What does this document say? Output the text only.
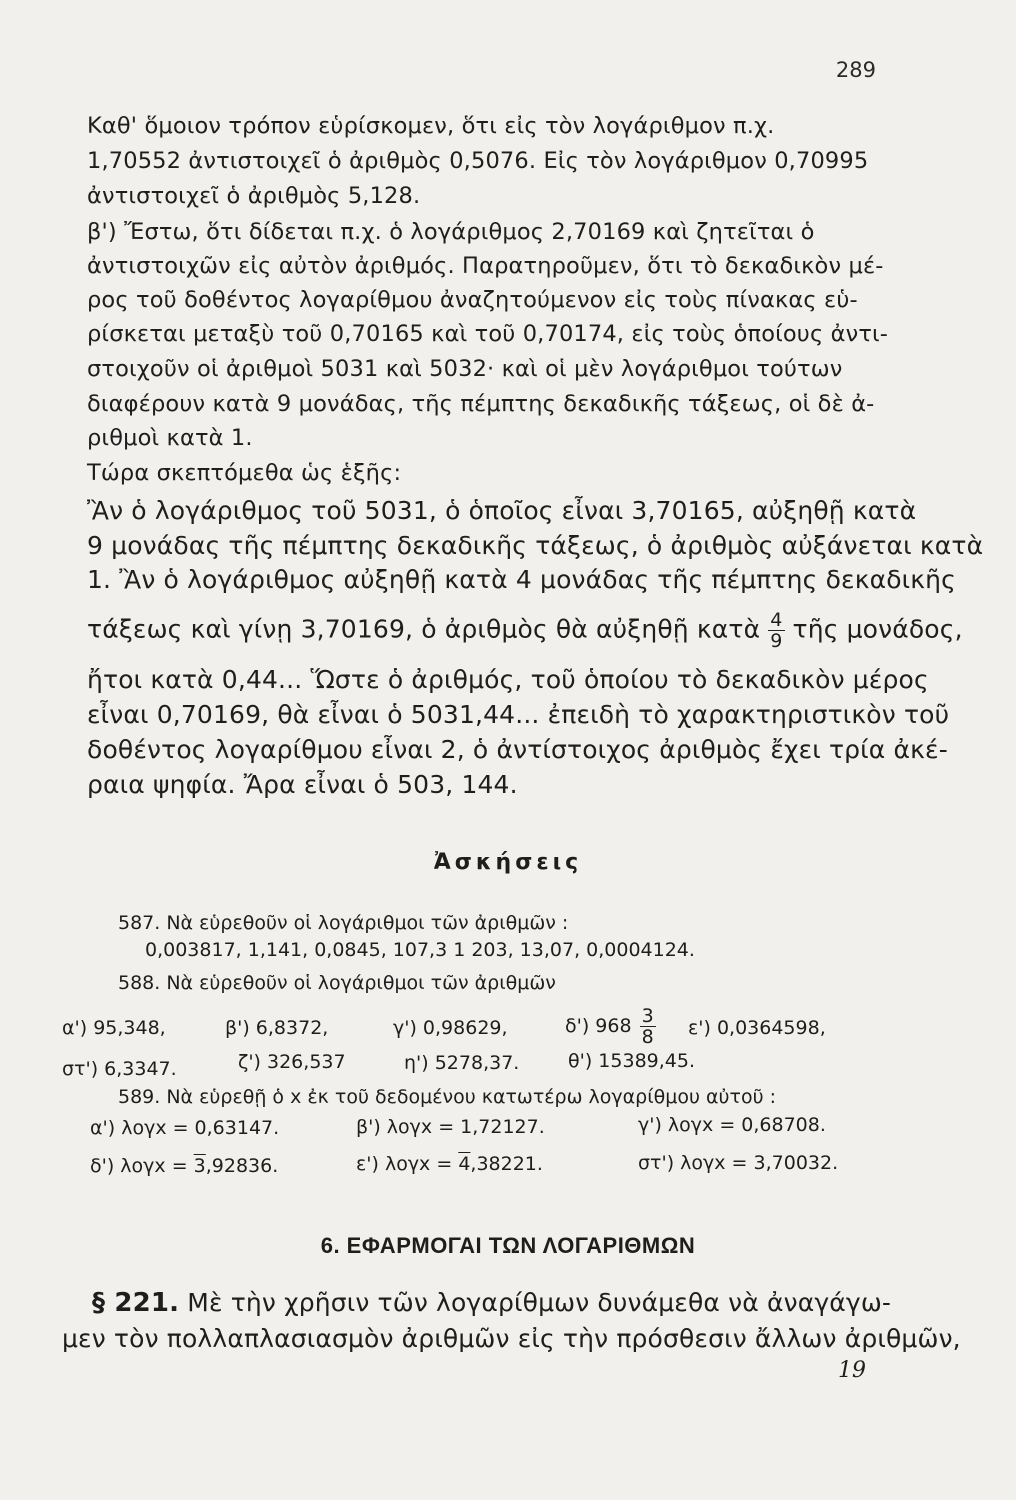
289
Καθ' ὅμοιον τρόπον εὑρίσκομεν, ὅτι εἰς τὸν λογάριθμον π.χ.
1,70552 ἀντιστοιχεῖ ὁ ἀριθμὸς 0,5076. Εἰς τὸν λογάριθμον 0,70995
ἀντιστοιχεῖ ὁ ἀριθμὸς 5,128.
β') Ἔστω, ὅτι δίδεται π.χ. ὁ λογάριθμος 2,70169 καὶ ζητεῖται ὁ
ἀντιστοιχῶν εἰς αὐτὸν ἀριθμός. Παρατηροῦμεν, ὅτι τὸ δεκαδικὸν μέ-
ρος τοῦ δοθέντος λογαρίθμου ἀναζητούμενον εἰς τοὺς πίνακας εὑ-
ρίσκεται μεταξὺ τοῦ 0,70165 καὶ τοῦ 0,70174, εἰς τοὺς ὁποίους ἀντι-
στοιχοῦν οἱ ἀριθμοὶ 5031 καὶ 5032· καὶ οἱ μὲν λογάριθμοι τούτων
διαφέρουν κατὰ 9 μονάδας, τῆς πέμπτης δεκαδικῆς τάξεως, οἱ δὲ ἀ-
ριθμοὶ κατὰ 1.
Τώρα σκεπτόμεθα ὡς ἑξῆς:
Ἂν ὁ λογάριθμος τοῦ 5031, ὁ ὁποῖος εἶναι 3,70165, αὐξηθῇ κατὰ
9 μονάδας τῆς πέμπτης δεκαδικῆς τάξεως, ὁ ἀριθμὸς αὐξάνεται κατὰ
1. Ἂν ὁ λογάριθμος αὐξηθῇ κατὰ 4 μονάδας τῆς πέμπτης δεκαδικῆς
τάξεως καὶ γίνῃ 3,70169, ὁ ἀριθμὸς θὰ αὐξηθῇ κατὰ $\frac{4}{9}$ τῆς μονάδος,
ἤτοι κατὰ 0,44... Ὥστε ὁ ἀριθμός, τοῦ ὁποίου τὸ δεκαδικὸν μέρος
εἶναι 0,70169, θὰ εἶναι ὁ 5031,44... ἐπειδὴ τὸ χαρακτηριστικὸν τοῦ
δοθέντος λογαρίθμου εἶναι 2, ὁ ἀντίστοιχος ἀριθμὸς ἔχει τρία ἀκέ-
ραια ψηφία. Ἄρα εἶναι ὁ 503, 144.
Ἀσκήσεις
587. Νὰ εὑρεθοῦν οἱ λογάριθμοι τῶν ἀριθμῶν :
0,003817, 1,141, 0,0845, 107,3 1 203, 13,07, 0,0004124.
588. Νὰ εὑρεθοῦν οἱ λογάριθμοι τῶν ἀριθμῶν
α') 95,348,	β') 6,8372,	γ') 0,98629,	δ') $968 \frac{3}{8} \varepsilon'$) 0,0364598,
στ') 6,3347.	ζ') 326,537	η') 5278,37.	θ') 15389,45.
589. Νὰ εὑρεθῇ ὁ x ἐκ τοῦ δεδομένου κατωτέρω λογαρίθμου αὐτοῦ :
α') λογx = 0,63147.	β') λογx = 1,72127.	γ') λογx = 0,68708.
δ') λογx = 3,92836.	ε') λογx = 4,38221.	στ') λογx = 3,70032.
6. ΕΦΑΡΜΟΓΑΙ ΤΩΝ ΛΟΓΑΡΙΘΜΩΝ
§ 221. Μὲ τὴν χρῆσιν τῶν λογαρίθμων δυνάμεθα νὰ ἀναγάγω-
μεν τὸν πολλαπλασιασμὸν ἀριθμῶν εἰς τὴν πρόσθεσιν ἄλλων ἀριθμῶν,
19
